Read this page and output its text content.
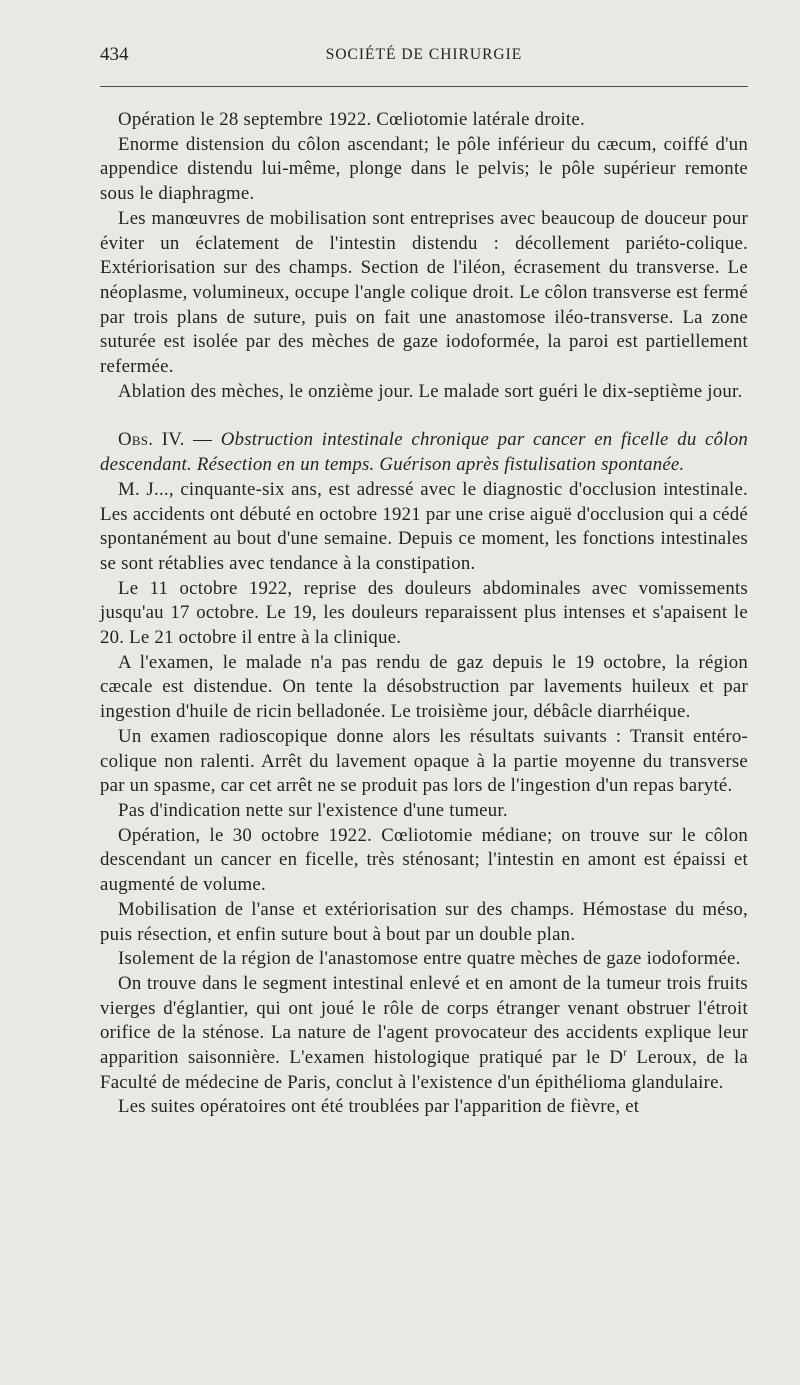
434	SOCIÉTÉ DE CHIRURGIE

Opération le 28 septembre 1922. Cœliotomie latérale droite.

Enorme distension du côlon ascendant; le pôle inférieur du cæcum, coiffé d'un appendice distendu lui-même, plonge dans le pelvis; le pôle supérieur remonte sous le diaphragme.

Les manœuvres de mobilisation sont entreprises avec beaucoup de douceur pour éviter un éclatement de l'intestin distendu : décollement pariéto-colique. Extériorisation sur des champs. Section de l'iléon, écrasement du transverse. Le néoplasme, volumineux, occupe l'angle colique droit. Le côlon transverse est fermé par trois plans de suture, puis on fait une anastomose iléo-transverse. La zone suturée est isolée par des mèches de gaze iodoformée, la paroi est partiellement refermée.

Ablation des mèches, le onzième jour. Le malade sort guéri le dix-septième jour.

Obs. IV. — Obstruction intestinale chronique par cancer en ficelle du côlon descendant. Résection en un temps. Guérison après fistulisation spontanée.

M. J..., cinquante-six ans, est adressé avec le diagnostic d'occlusion intestinale. Les accidents ont débuté en octobre 1921 par une crise aiguë d'occlusion qui a cédé spontanément au bout d'une semaine. Depuis ce moment, les fonctions intestinales se sont rétablies avec tendance à la constipation.

Le 11 octobre 1922, reprise des douleurs abdominales avec vomissements jusqu'au 17 octobre. Le 19, les douleurs reparaissent plus intenses et s'apaisent le 20. Le 21 octobre il entre à la clinique.

A l'examen, le malade n'a pas rendu de gaz depuis le 19 octobre, la région cæcale est distendue. On tente la désobstruction par lavements huileux et par ingestion d'huile de ricin belladonée. Le troisième jour, débâcle diarrhéique.

Un examen radioscopique donne alors les résultats suivants : Transit entéro-colique non ralenti. Arrêt du lavement opaque à la partie moyenne du transverse par un spasme, car cet arrêt ne se produit pas lors de l'ingestion d'un repas baryté.

Pas d'indication nette sur l'existence d'une tumeur.

Opération, le 30 octobre 1922. Cœliotomie médiane; on trouve sur le côlon descendant un cancer en ficelle, très sténosant; l'intestin en amont est épaissi et augmenté de volume.

Mobilisation de l'anse et extériorisation sur des champs. Hémostase du méso, puis résection, et enfin suture bout à bout par un double plan.

Isolement de la région de l'anastomose entre quatre mèches de gaze iodoformée.

On trouve dans le segment intestinal enlevé et en amont de la tumeur trois fruits vierges d'églantier, qui ont joué le rôle de corps étranger venant obstruer l'étroit orifice de la sténose. La nature de l'agent provocateur des accidents explique leur apparition saisonnière. L'examen histologique pratiqué par le $D^r$ Leroux, de la Faculté de médecine de Paris, conclut à l'existence d'un épithélioma glandulaire.

Les suites opératoires ont été troublées par l'apparition de fièvre, et
